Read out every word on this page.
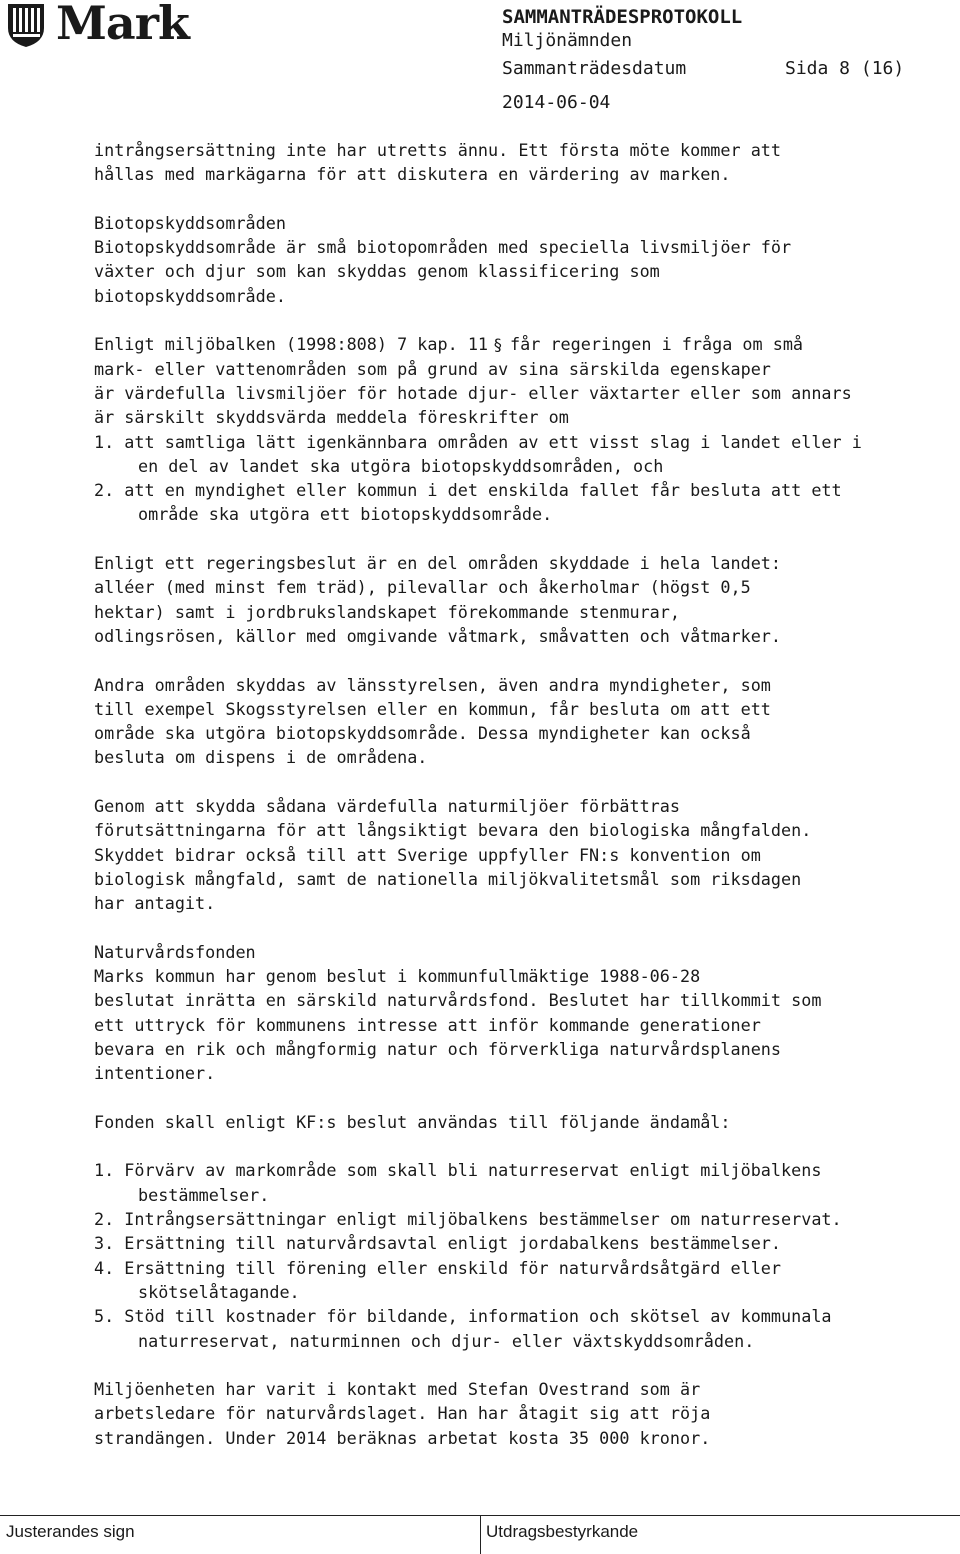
Mark	SAMMANTRÄDESPROTOKOLL
Miljönämnden
Sammanträdesdatum	Sida 8 (16)
2014-06-04

intrångsersättning inte har utretts ännu. Ett första möte kommer att

hållas med markägarna för att diskutera en värdering av marken.

Biotopskyddsområden

Biotopskyddsområde är små biotopområden med speciella livsmiljöer för

växter och djur som kan skyddas genom klassificering som

biotopskyddsområde.

Enligt miljöbalken (1998:808) 7 kap. 11 § får regeringen i fråga om små

mark- eller vattenområden som på grund av sina särskilda egenskaper

är värdefulla livsmiljöer för hotade djur- eller växtarter eller som annars

är särskilt skyddsvärda meddela föreskrifter om

1. att samtliga lätt igenkännbara områden av ett visst slag i landet eller i en del av landet ska utgöra biotopskyddsområden, och

2. att en myndighet eller kommun i det enskilda fallet får besluta att ett område ska utgöra ett biotopskyddsområde.

Enligt ett regeringsbeslut är en del områden skyddade i hela landet:

alléer (med minst fem träd), pilevallar och åkerholmar (högst 0,5

hektar) samt i jordbrukslandskapet förekommande stenmurar,

odlingsrösen, källor med omgivande våtmark, småvatten och våtmarker.

Andra områden skyddas av länsstyrelsen, även andra myndigheter, som

till exempel Skogsstyrelsen eller en kommun, får besluta om att ett

område ska utgöra biotopskyddsområde. Dessa myndigheter kan också

besluta om dispens i de områdena.

Genom att skydda sådana värdefulla naturmiljöer förbättras

förutsättningarna för att långsiktigt bevara den biologiska mångfalden.

Skyddet bidrar också till att Sverige uppfyller FN:s konvention om

biologisk mångfald, samt de nationella miljökvalitetsmål som riksdagen

har antagit.

Naturvårdsfonden

Marks kommun har genom beslut i kommunfullmäktige 1988-06-28

beslutat inrätta en särskild naturvårdsfond. Beslutet har tillkommit som

ett uttryck för kommunens intresse att inför kommande generationer

bevara en rik och mångformig natur och förverkliga naturvårdsplanens

intentioner.

Fonden skall enligt KF:s beslut användas till följande ändamål:

1. Förvärv av markområde som skall bli naturreservat enligt miljöbalkens bestämmelser.

2. Intrångsersättningar enligt miljöbalkens bestämmelser om naturreservat.

3. Ersättning till naturvårdsavtal enligt jordabalkens bestämmelser.

4. Ersättning till förening eller enskild för naturvårdsåtgärd eller skötselåtagande.

5. Stöd till kostnader för bildande, information och skötsel av kommunala naturreservat, naturminnen och djur- eller växtskyddsområden.

Miljöenheten har varit i kontakt med Stefan Ovestrand som är

arbetsledare för naturvårdslaget. Han har åtagit sig att röja

strandängen. Under 2014 beräknas arbetat kosta 35 000 kronor.

Justerandes sign	Utdragsbestyrkande
